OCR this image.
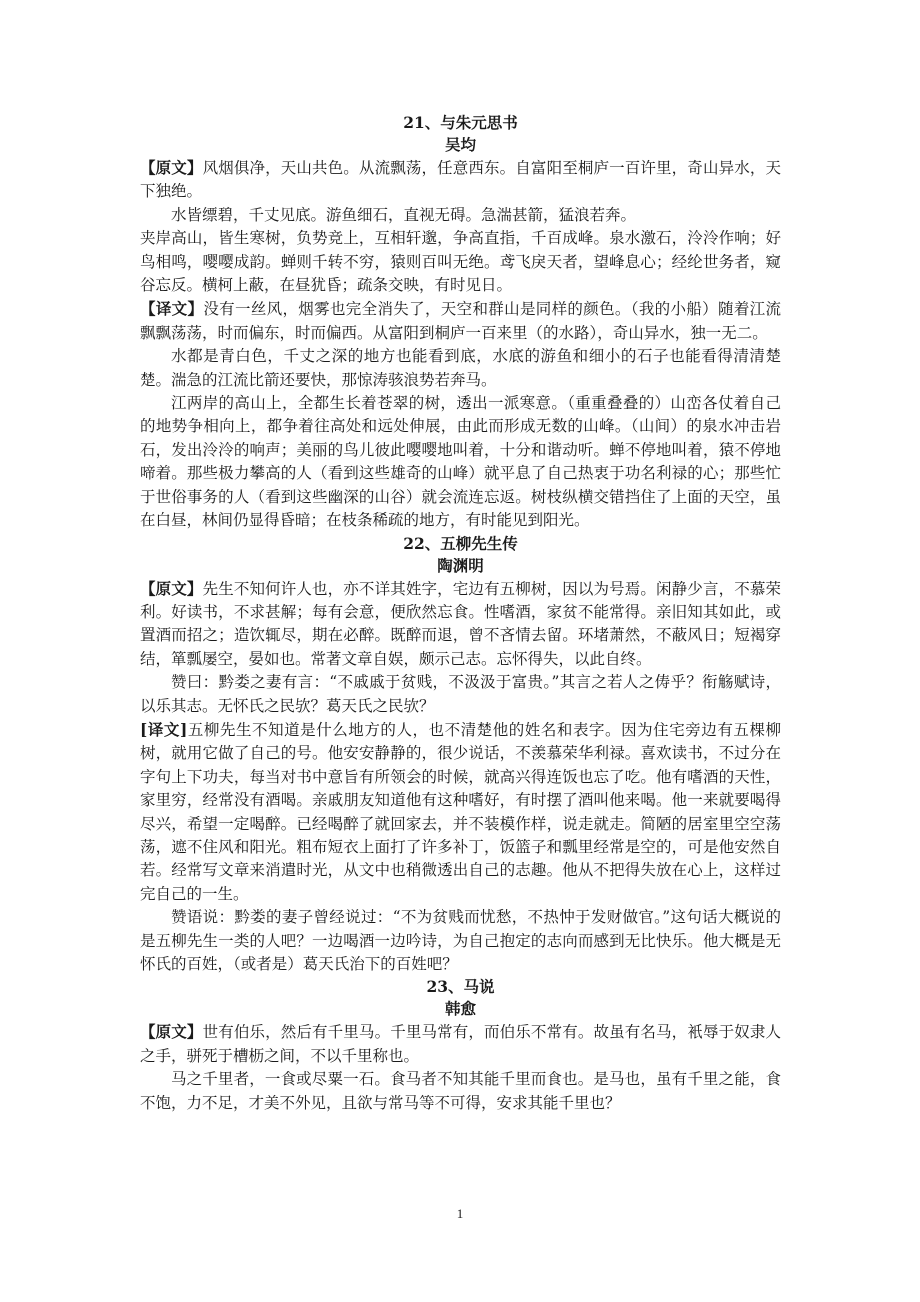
21、与朱元思书
吴均

【原文】风烟俱净，天山共色。从流飘荡，任意西东。自富阳至桐庐一百许里，奇山异水，天下独绝。

水皆缥碧，千丈见底。游鱼细石，直视无碍。急湍甚箭，猛浪若奔。

夹岸高山，皆生寒树，负势竞上，互相轩邈，争高直指，千百成峰。泉水激石，泠泠作响；好鸟相鸣，嘤嘤成韵。蝉则千转不穷，猿则百叫无绝。鸢飞戾天者，望峰息心；经纶世务者，窥谷忘反。横柯上蔽，在昼犹昏；疏条交映，有时见日。

【译文】没有一丝风，烟雾也完全消失了，天空和群山是同样的颜色。（我的小船）随着江流飘飘荡荡，时而偏东，时而偏西。从富阳到桐庐一百来里（的水路），奇山异水，独一无二。

水都是青白色，千丈之深的地方也能看到底，水底的游鱼和细小的石子也能看得清清楚楚。湍急的江流比箭还要快，那惊涛骇浪势若奔马。

江两岸的高山上，全都生长着苍翠的树，透出一派寒意。（重重叠叠的）山峦各仗着自己的地势争相向上，都争着往高处和远处伸展，由此而形成无数的山峰。（山间）的泉水冲击岩石，发出泠泠的响声；美丽的鸟儿彼此嘤嘤地叫着，十分和谐动听。蝉不停地叫着，猿不停地啼着。那些极力攀高的人（看到这些雄奇的山峰）就平息了自己热衷于功名利禄的心；那些忙于世俗事务的人（看到这些幽深的山谷）就会流连忘返。树枝纵横交错挡住了上面的天空，虽在白昼，林间仍显得昏暗；在枝条稀疏的地方，有时能见到阳光。

22、五柳先生传
陶渊明

【原文】先生不知何许人也，亦不详其姓字，宅边有五柳树，因以为号焉。闲静少言，不慕荣利。好读书，不求甚解；每有会意，便欣然忘食。性嗜酒，家贫不能常得。亲旧知其如此，或置酒而招之；造饮辄尽，期在必醉。既醉而退，曾不吝情去留。环堵萧然，不蔽风日；短褐穿结，箪瓢屡空，晏如也。常著文章自娱，颇示己志。忘怀得失，以此自终。

赞曰：黔娄之妻有言：“不戚戚于贫贱，不汲汲于富贵。”其言之若人之俦乎？衔觞赋诗，以乐其志。无怀氏之民欤？葛天氏之民欤？

[译文]五柳先生不知道是什么地方的人，也不清楚他的姓名和表字。因为住宅旁边有五棵柳树，就用它做了自己的号。他安安静静的，很少说话，不羡慕荣华利禄。喜欢读书，不过分在字句上下功夫，每当对书中意旨有所领会的时候，就高兴得连饭也忘了吃。他有嗜酒的天性，家里穷，经常没有酒喝。亲戚朋友知道他有这种嗜好，有时摆了酒叫他来喝。他一来就要喝得尽兴，希望一定喝醉。已经喝醉了就回家去，并不装模作样，说走就走。简陋的居室里空空荡荡，遮不住风和阳光。粗布短衣上面打了许多补丁，饭篮子和瓢里经常是空的，可是他安然自若。经常写文章来消遣时光，从文中也稍微透出自己的志趣。他从不把得失放在心上，这样过完自己的一生。

赞语说：黔娄的妻子曾经说过：“不为贫贱而忧愁，不热忡于发财做官。”这句话大概说的是五柳先生一类的人吧？一边喝酒一边吟诗，为自己抱定的志向而感到无比快乐。他大概是无怀氏的百姓，（或者是）葛天氏治下的百姓吧？

23、马说
韩愈

【原文】世有伯乐，然后有千里马。千里马常有，而伯乐不常有。故虽有名马，衹辱于奴隶人之手，骈死于槽枥之间，不以千里称也。

马之千里者，一食或尽粟一石。食马者不知其能千里而食也。是马也，虽有千里之能，食不饱，力不足，才美不外见，且欲与常马等不可得，安求其能千里也？

1
